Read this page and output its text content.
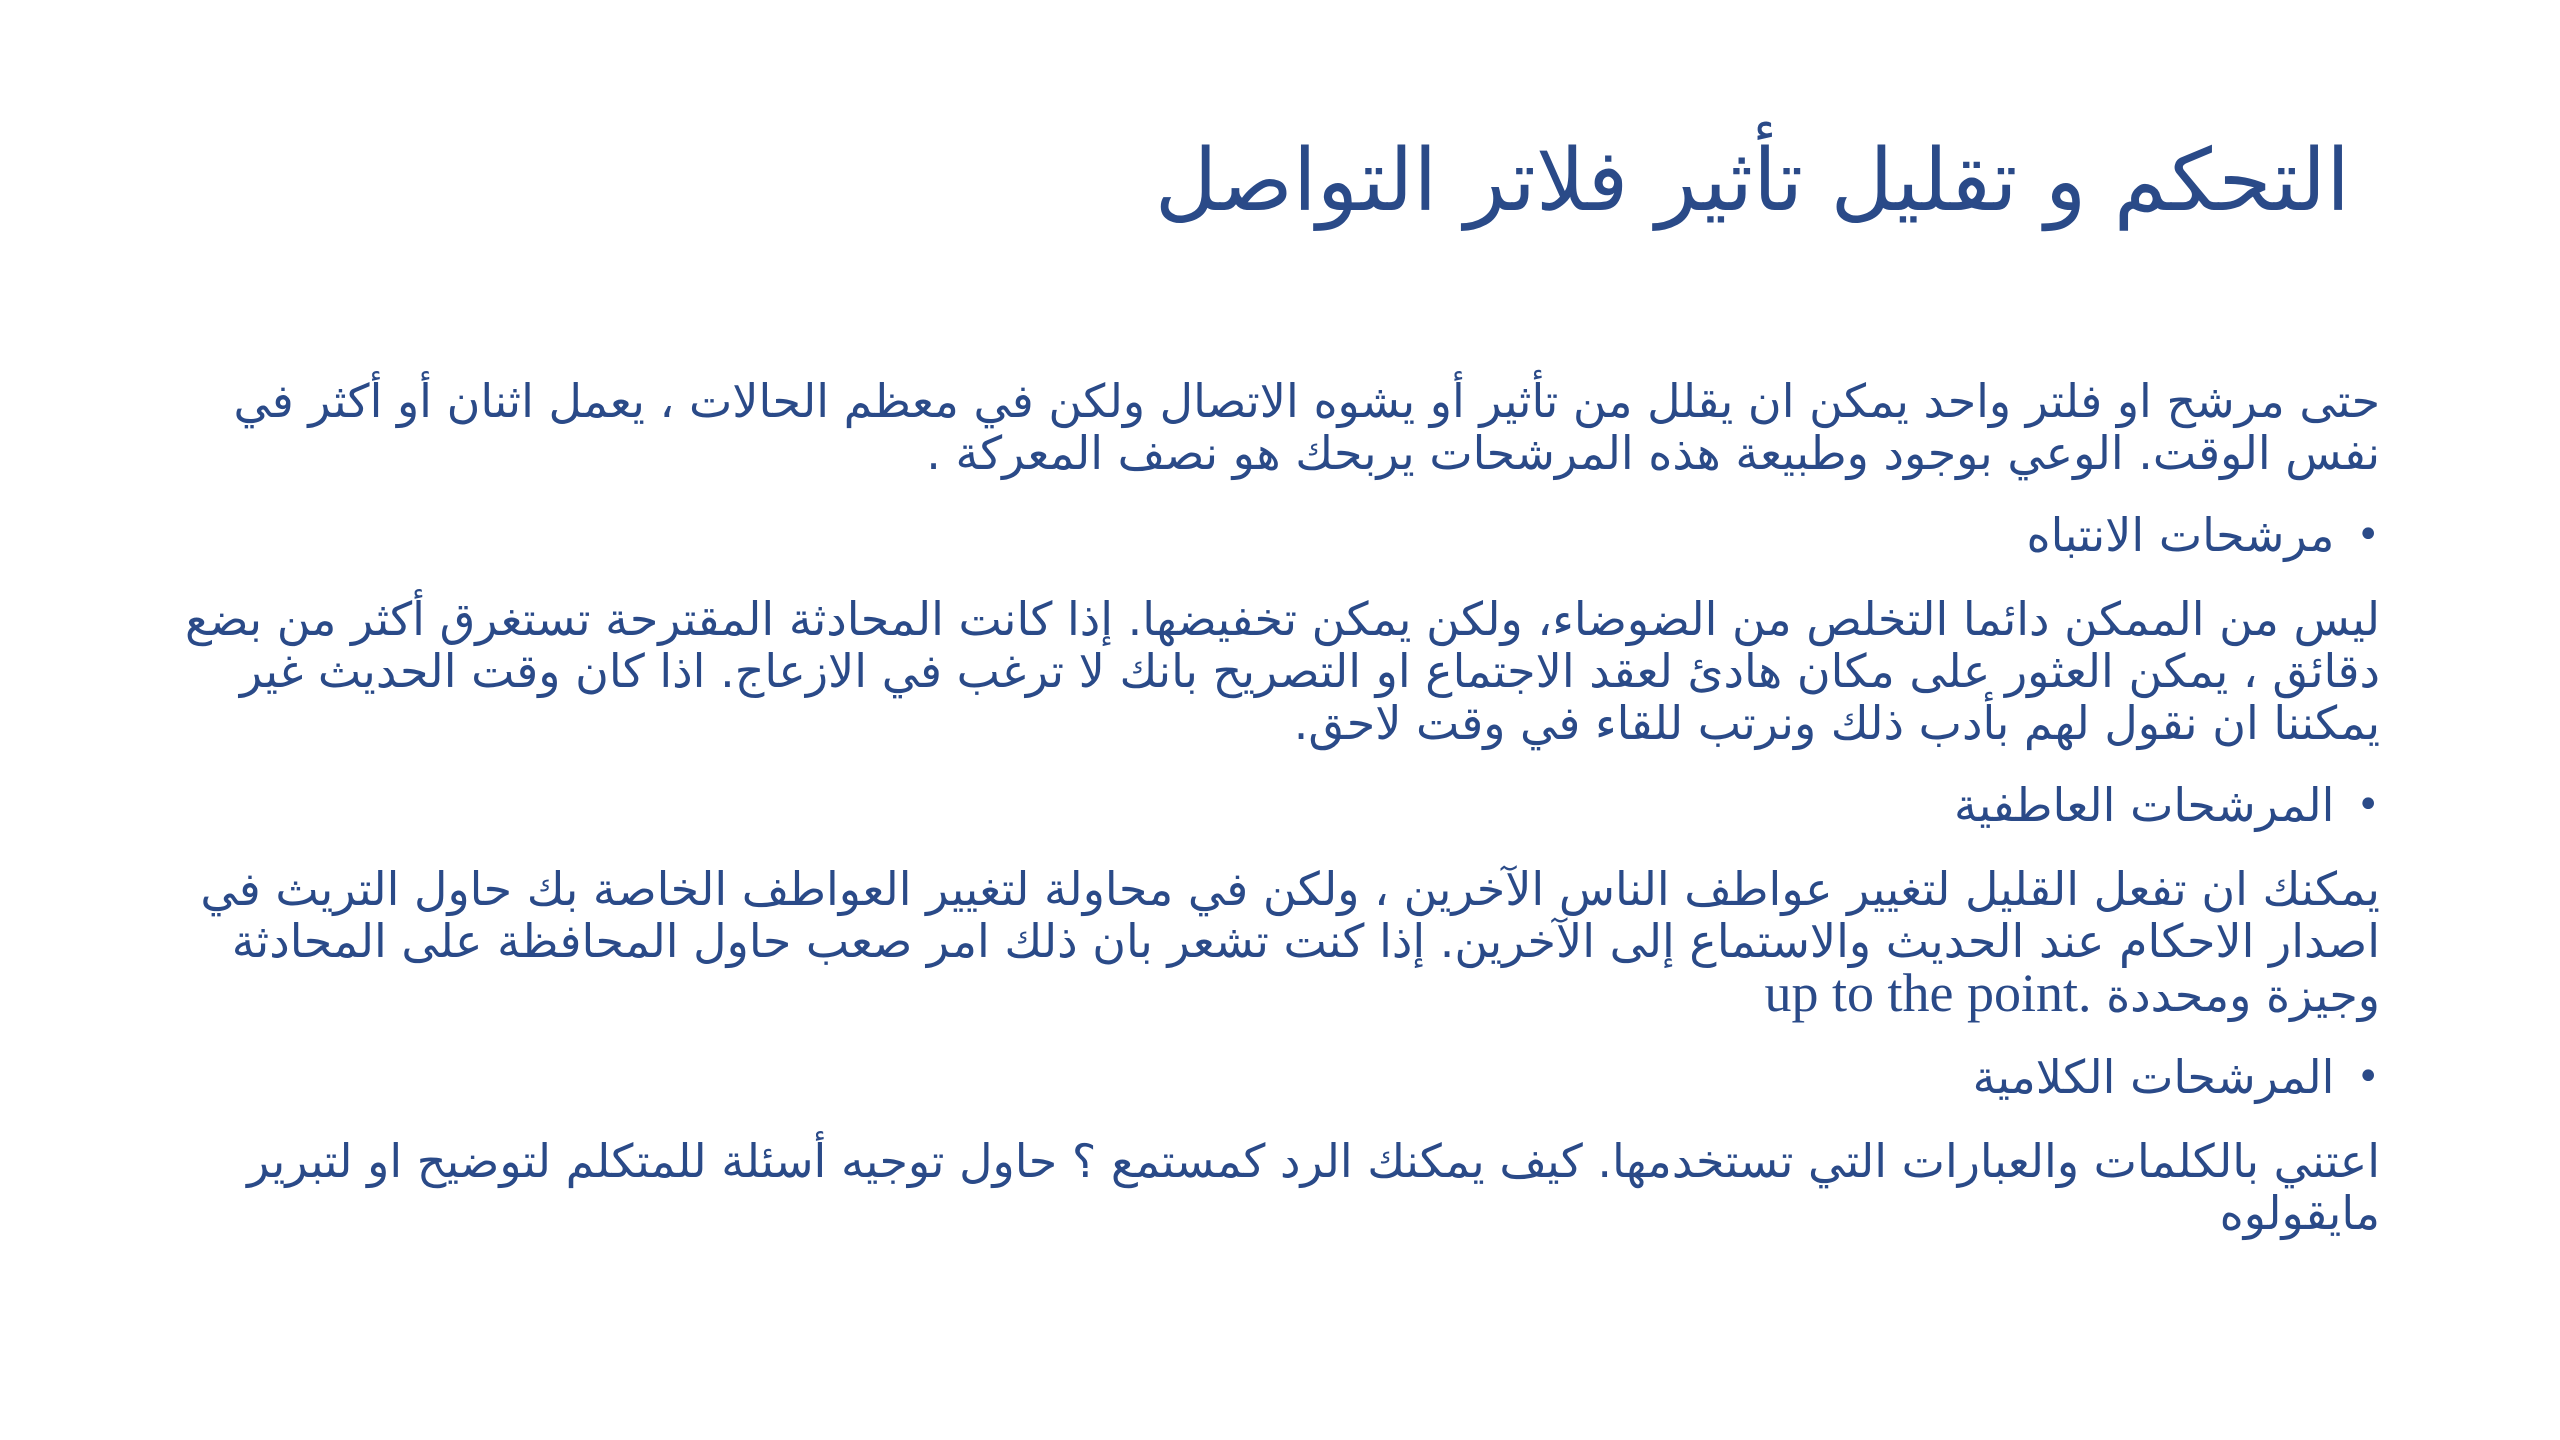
التحكم و تقليل تأثير فلاتر التواصل

حتى مرشح او فلتر واحد يمكن ان يقلل من تأثير أو يشوه الاتصال ولكن في معظم الحالات ، يعمل اثنان أو أكثر في نفس الوقت. الوعي بوجود وطبيعة هذه المرشحات يربحك هو نصف المعركة .

•
مرشحات الانتباه

ليس من الممكن دائما التخلص من الضوضاء، ولكن يمكن تخفيضها. إذا كانت المحادثة المقترحة تستغرق أكثر من بضع دقائق ، يمكن العثور على مكان هادئ لعقد الاجتماع او التصريح بانك لا ترغب في الازعاج. اذا كان وقت الحديث غير يمكننا ان نقول لهم بأدب ذلك ونرتب للقاء في وقت لاحق.

•
المرشحات العاطفية

يمكنك ان تفعل القليل لتغيير عواطف الناس الآخرين ، ولكن في محاولة لتغيير العواطف الخاصة بك حاول التريث في اصدار الاحكام عند الحديث والاستماع إلى الآخرين. إذا كنت تشعر بان ذلك امر صعب حاول المحافظة على المحادثة وجيزة ومحددة up to the point.

•
المرشحات الكلامية

اعتني بالكلمات والعبارات التي تستخدمها. كيف يمكنك الرد كمستمع ؟ حاول توجيه أسئلة للمتكلم لتوضيح او لتبرير مايقولوه
